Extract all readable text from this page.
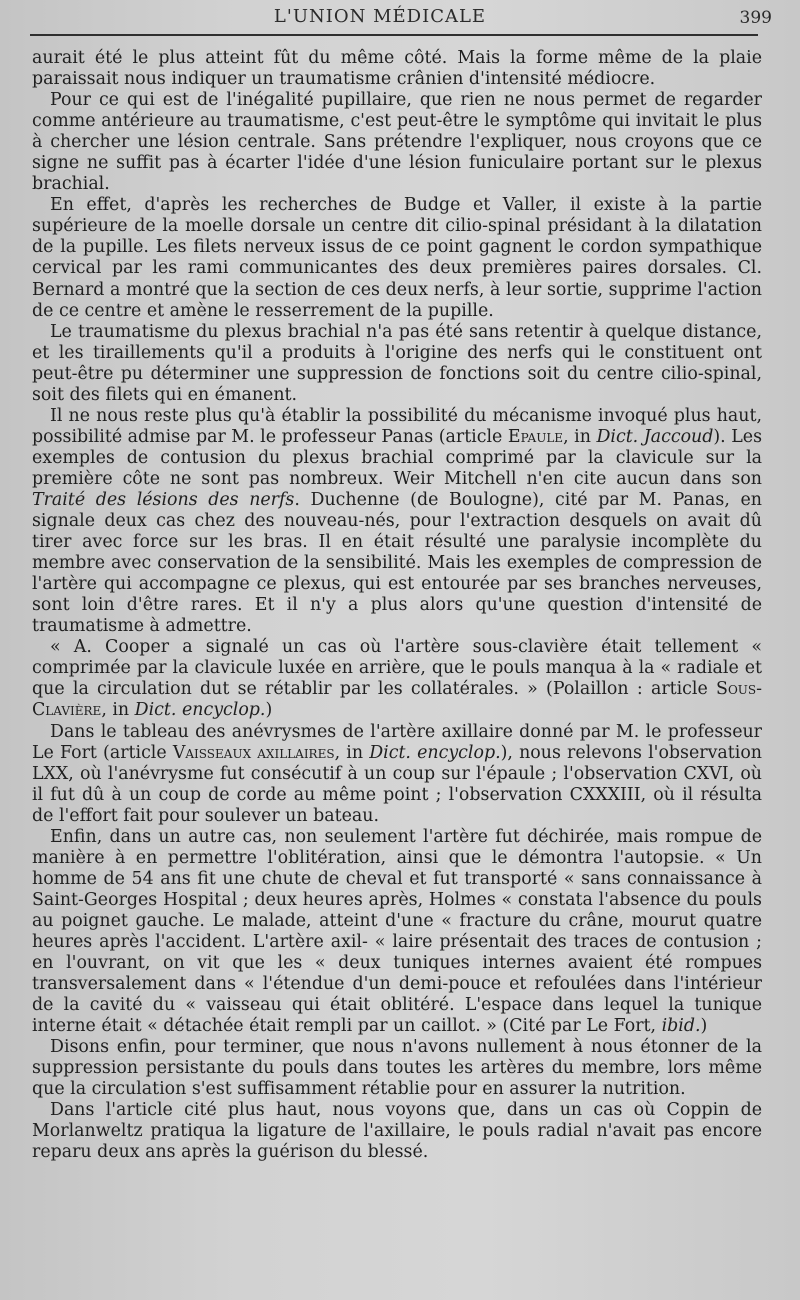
L'UNION MÉDICALE	399

aurait été le plus atteint fût du même côté. Mais la forme même de la plaie paraissait nous indiquer un traumatisme crânien d'intensité médiocre.

Pour ce qui est de l'inégalité pupillaire, que rien ne nous permet de regarder comme antérieure au traumatisme, c'est peut-être le symptôme qui invitait le plus à chercher une lésion centrale. Sans prétendre l'expliquer, nous croyons que ce signe ne suffit pas à écarter l'idée d'une lésion funiculaire portant sur le plexus brachial.

En effet, d'après les recherches de Budge et Valler, il existe à la partie supérieure de la moelle dorsale un centre dit cilio-spinal présidant à la dilatation de la pupille. Les filets nerveux issus de ce point gagnent le cordon sympathique cervical par les rami communicantes des deux premières paires dorsales. Cl. Bernard a montré que la section de ces deux nerfs, à leur sortie, supprime l'action de ce centre et amène le resserrement de la pupille.

Le traumatisme du plexus brachial n'a pas été sans retentir à quelque distance, et les tiraillements qu'il a produits à l'origine des nerfs qui le constituent ont peut-être pu déterminer une suppression de fonctions soit du centre cilio-spinal, soit des filets qui en émanent.

Il ne nous reste plus qu'à établir la possibilité du mécanisme invoqué plus haut, possibilité admise par M. le professeur Panas (article Epaule, in Dict. Jaccoud). Les exemples de contusion du plexus brachial comprimé par la clavicule sur la première côte ne sont pas nombreux. Weir Mitchell n'en cite aucun dans son Traité des lésions des nerfs. Duchenne (de Boulogne), cité par M. Panas, en signale deux cas chez des nouveau-nés, pour l'extraction desquels on avait dû tirer avec force sur les bras. Il en était résulté une paralysie incomplète du membre avec conservation de la sensibilité. Mais les exemples de compression de l'artère qui accompagne ce plexus, qui est entourée par ses branches nerveuses, sont loin d'être rares. Et il n'y a plus alors qu'une question d'intensité de traumatisme à admettre.

« A. Cooper a signalé un cas où l'artère sous-clavière était tellement « comprimée par la clavicule luxée en arrière, que le pouls manqua à la « radiale et que la circulation dut se rétablir par les collatérales. » (Polaillon : article Sous-Clavière, in Dict. encyclop.)

Dans le tableau des anévrysmes de l'artère axillaire donné par M. le professeur Le Fort (article Vaisseaux axillaires, in Dict. encyclop.), nous relevons l'observation LXX, où l'anévrysme fut consécutif à un coup sur l'épaule ; l'observation CXVI, où il fut dû à un coup de corde au même point ; l'observation CXXXIII, où il résulta de l'effort fait pour soulever un bateau.

Enfin, dans un autre cas, non seulement l'artère fut déchirée, mais rompue de manière à en permettre l'oblitération, ainsi que le démontra l'autopsie. « Un homme de 54 ans fit une chute de cheval et fut transporté « sans connaissance à Saint-Georges Hospital ; deux heures après, Holmes « constata l'absence du pouls au poignet gauche. Le malade, atteint d'une « fracture du crâne, mourut quatre heures après l'accident. L'artère axil- « laire présentait des traces de contusion ; en l'ouvrant, on vit que les « deux tuniques internes avaient été rompues transversalement dans « l'étendue d'un demi-pouce et refoulées dans l'intérieur de la cavité du « vaisseau qui était oblitéré. L'espace dans lequel la tunique interne était « détachée était rempli par un caillot. » (Cité par Le Fort, ibid.)

Disons enfin, pour terminer, que nous n'avons nullement à nous étonner de la suppression persistante du pouls dans toutes les artères du membre, lors même que la circulation s'est suffisamment rétablie pour en assurer la nutrition.

Dans l'article cité plus haut, nous voyons que, dans un cas où Coppin de Morlanweltz pratiqua la ligature de l'axillaire, le pouls radial n'avait pas encore reparu deux ans après la guérison du blessé.
